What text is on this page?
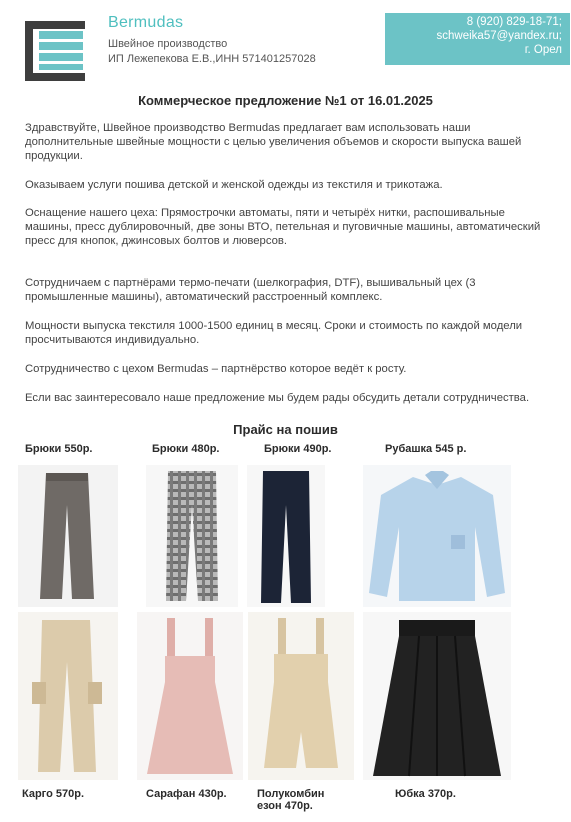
Bermudas
Швейное производство
ИП Лежепекова Е.В.,ИНН 571401257028
8 (920) 829-18-71;
schweika57@yandex.ru;
г. Орел
Коммерческое предложение №1 от 16.01.2025
Здравствуйте, Швейное производство Bermudas предлагает вам использовать наши дополнительные швейные мощности с целью увеличения объемов и скорости выпуска вашей продукции.
Оказываем услуги пошива детской и женской одежды из текстиля и трикотажа.
Оснащение нашего цеха: Прямострочки автоматы, пяти и четырёх нитки, распошивальные машины, пресс дублировочный, две зоны ВТО, петельная и пуговичные машины, автоматический пресс для кнопок, джинсовых болтов и люверсов.
Сотрудничаем с партнёрами термо-печати (шелкография, DTF), вышивальный цех (3 промышленные машины), автоматический расстроенный комплекс.
Мощности выпуска текстиля 1000-1500 единиц в месяц. Сроки и стоимость по каждой модели просчитываются индивидуально.
Сотрудничество с цехом Bermudas – партнёрство которое ведёт к росту.
Если вас заинтересовало наше предложение мы будем рады обсудить детали сотрудничества.
Прайс на пошив
Брюки 550р.	Брюки 480р.	Брюки 490р.	Рубашка 545 р.
Карго 570р.	Сарафан 430р.	Полукомбин
езон 470р.
Юбка 370р.
